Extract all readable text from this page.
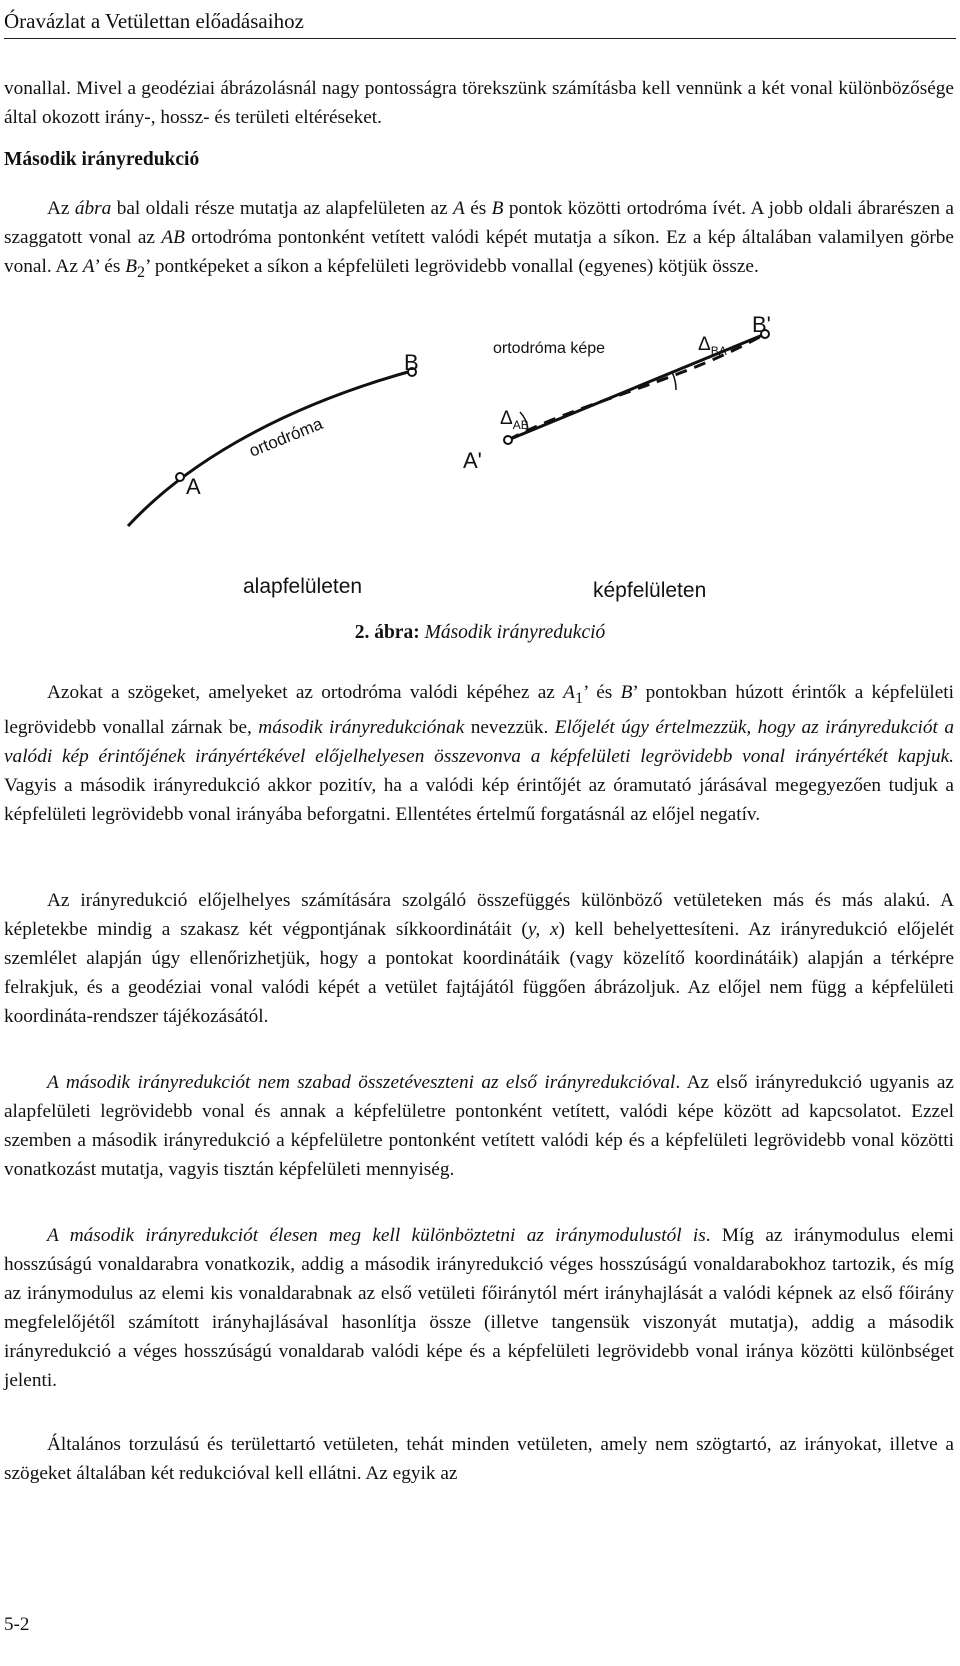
Óravázlat a Vetülettan előadásaihoz

vonallal. Mivel a geodéziai ábrázolásnál nagy pontosságra törekszünk számításba kell vennünk a két vonal különbözősége által okozott irány-, hossz- és területi eltéréseket.

Második irányredukció

Az ábra bal oldali része mutatja az alapfelületen az A és B pontok közötti ortodróma ívét. A jobb oldali ábrarészen a szaggatott vonal az AB ortodróma pontonként vetített valódi képét mutatja a síkon. Ez a kép általában valamilyen görbe vonal. Az A’ és $B_2$’ pontképeket a síkon a képfelületi legrövidebb vonallal (egyenes) kötjük össze.

A
B
ortodróma
alapfelületen
A'
B'
$\Delta_{AB}$
$\Delta_{BA}$
ortodróma képe
képfelületen
2. ábra: Második irányredukció

Azokat a szögeket, amelyeket az ortodróma valódi képéhez az $A_1$’ és B’ pontokban húzott érintők a képfelületi legrövidebb vonallal zárnak be, második irányredukciónak nevezzük. Előjelét úgy értelmezzük, hogy az irányredukciót a valódi kép érintőjének irányértékével előjelhelyesen összevonva a képfelületi legrövidebb vonal irányértékét kapjuk. Vagyis a második irányredukció akkor pozitív, ha a valódi kép érintőjét az óramutató járásával megegyezően tudjuk a képfelületi legrövidebb vonal irányába beforgatni. Ellentétes értelmű forgatásnál az előjel negatív.

Az irányredukció előjelhelyes számítására szolgáló összefüggés különböző vetületeken más és más alakú. A képletekbe mindig a szakasz két végpontjának síkkoordinátáit (y, x) kell behelyettesíteni. Az irányredukció előjelét szemlélet alapján úgy ellenőrizhetjük, hogy a pontokat koordinátáik (vagy közelítő koordinátáik) alapján a térképre felrakjuk, és a geodéziai vonal valódi képét a vetület fajtájától függően ábrázoljuk. Az előjel nem függ a képfelületi koordináta-rendszer tájékozásától.

A második irányredukciót nem szabad összetéveszteni az első irányredukcióval. Az első irányredukció ugyanis az alapfelületi legrövidebb vonal és annak a képfelületre pontonként vetített, valódi képe között ad kapcsolatot. Ezzel szemben a második irányredukció a képfelületre pontonként vetített valódi kép és a képfelületi legrövidebb vonal közötti vonatkozást mutatja, vagyis tisztán képfelületi mennyiség.

A második irányredukciót élesen meg kell különböztetni az iránymodulustól is. Míg az iránymodulus elemi hosszúságú vonaldarabra vonatkozik, addig a második irányredukció véges hosszúságú vonaldarabokhoz tartozik, és míg az iránymodulus az elemi kis vonaldarabnak az első vetületi főiránytól mért irányhajlását a valódi képnek az első főirány megfelelőjétől számított irányhajlásával hasonlítja össze (illetve tangensük viszonyát mutatja), addig a második irányredukció a véges hosszúságú vonaldarab valódi képe és a képfelületi legrövidebb vonal iránya közötti különbséget jelenti.

Általános torzulású és területtartó vetületen, tehát minden vetületen, amely nem szögtartó, az irányokat, illetve a szögeket általában két redukcióval kell ellátni. Az egyik az

5-2
